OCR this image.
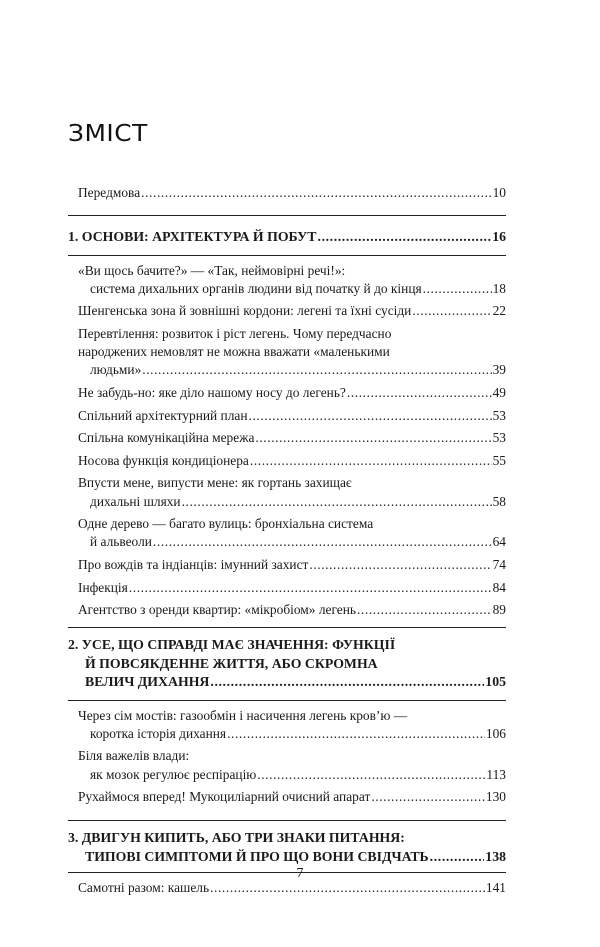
ЗМІСТ
Передмова .....	10
1. ОСНОВИ: АРХІТЕКТУРА Й ПОБУТ .....	16
«Ви щось бачите?» — «Так, неймовірні речі!»:
система дихальних органів людини від початку й до кінця .....	18
Шенгенська зона й зовнішні кордони: легені та їхні сусіди .....	22
Перевтілення: розвиток і ріст легень. Чому передчасно
народжених немовлят не можна вважати «маленькими
людьми» .....	39
Не забудь-но: яке діло нашому носу до легень? .....	49
Спільний архітектурний план .....	53
Спільна комунікаційна мережа .....	53
Носова функція кондиціонера .....	55
Впусти мене, випусти мене: як гортань захищає
дихальні шляхи .....	58
Одне дерево — багато вулиць: бронхіальна система
й альвеоли .....	64
Про вождів та індіанців: імунний захист .....	74
Інфекція .....	84
Агентство з оренди квартир: «мікробіом» легень .....	89
2. УСЕ, ЩО СПРАВДІ МАЄ ЗНАЧЕННЯ: ФУНКЦІЇ
Й ПОВСЯКДЕННЕ ЖИТТЯ, АБО СКРОМНА
ВЕЛИЧ ДИХАННЯ .....	105
Через сім мостів: газообмін і насичення легень кров’ю —
коротка історія дихання .....	106
Біля важелів влади:
як мозок регулює респірацію .....	113
Рухаймося вперед! Мукоциліарний очисний апарат .....	130
3. ДВИГУН КИПИТЬ, АБО ТРИ ЗНАКИ ПИТАННЯ:
ТИПОВІ СИМПТОМИ Й ПРО ЩО ВОНИ СВІДЧАТЬ .....	138
Самотні разом: кашель .....	141
7
